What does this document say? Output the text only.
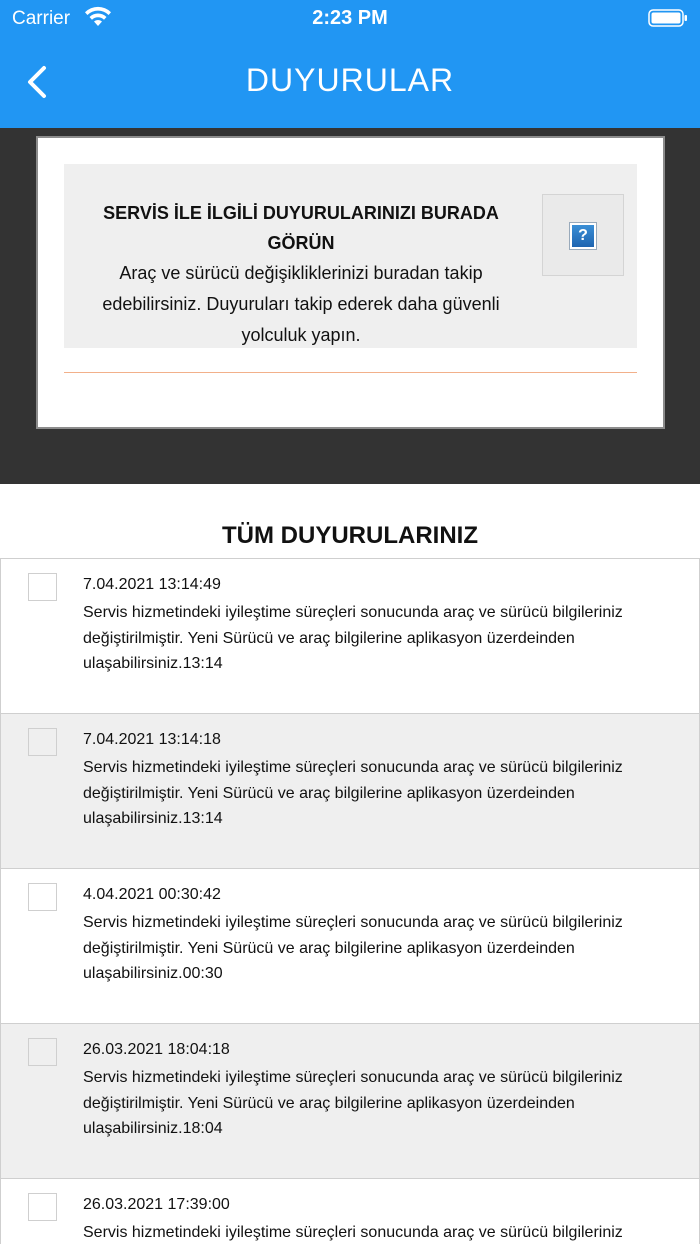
Carrier	2:23 PM
DUYURULAR
SERVİS İLE İLGİLİ DUYURULARINIZI BURADA GÖRÜN
Araç ve sürücü değişikliklerinizi buradan takip edebilirsiniz. Duyuruları takip ederek daha güvenli yolculuk yapın.
?
TÜM DUYURULARINIZ
7.04.2021 13:14:49
Servis hizmetindeki iyileştime süreçleri sonucunda araç ve sürücü bilgileriniz değiştirilmiştir. Yeni Sürücü ve araç bilgilerine aplikasyon üzerdeinden ulaşabilirsiniz.13:14
7.04.2021 13:14:18
Servis hizmetindeki iyileştime süreçleri sonucunda araç ve sürücü bilgileriniz değiştirilmiştir. Yeni Sürücü ve araç bilgilerine aplikasyon üzerdeinden ulaşabilirsiniz.13:14
4.04.2021 00:30:42
Servis hizmetindeki iyileştime süreçleri sonucunda araç ve sürücü bilgileriniz değiştirilmiştir. Yeni Sürücü ve araç bilgilerine aplikasyon üzerdeinden ulaşabilirsiniz.00:30
26.03.2021 18:04:18
Servis hizmetindeki iyileştime süreçleri sonucunda araç ve sürücü bilgileriniz değiştirilmiştir. Yeni Sürücü ve araç bilgilerine aplikasyon üzerdeinden ulaşabilirsiniz.18:04
26.03.2021 17:39:00
Servis hizmetindeki iyileştime süreçleri sonucunda araç ve sürücü bilgileriniz
